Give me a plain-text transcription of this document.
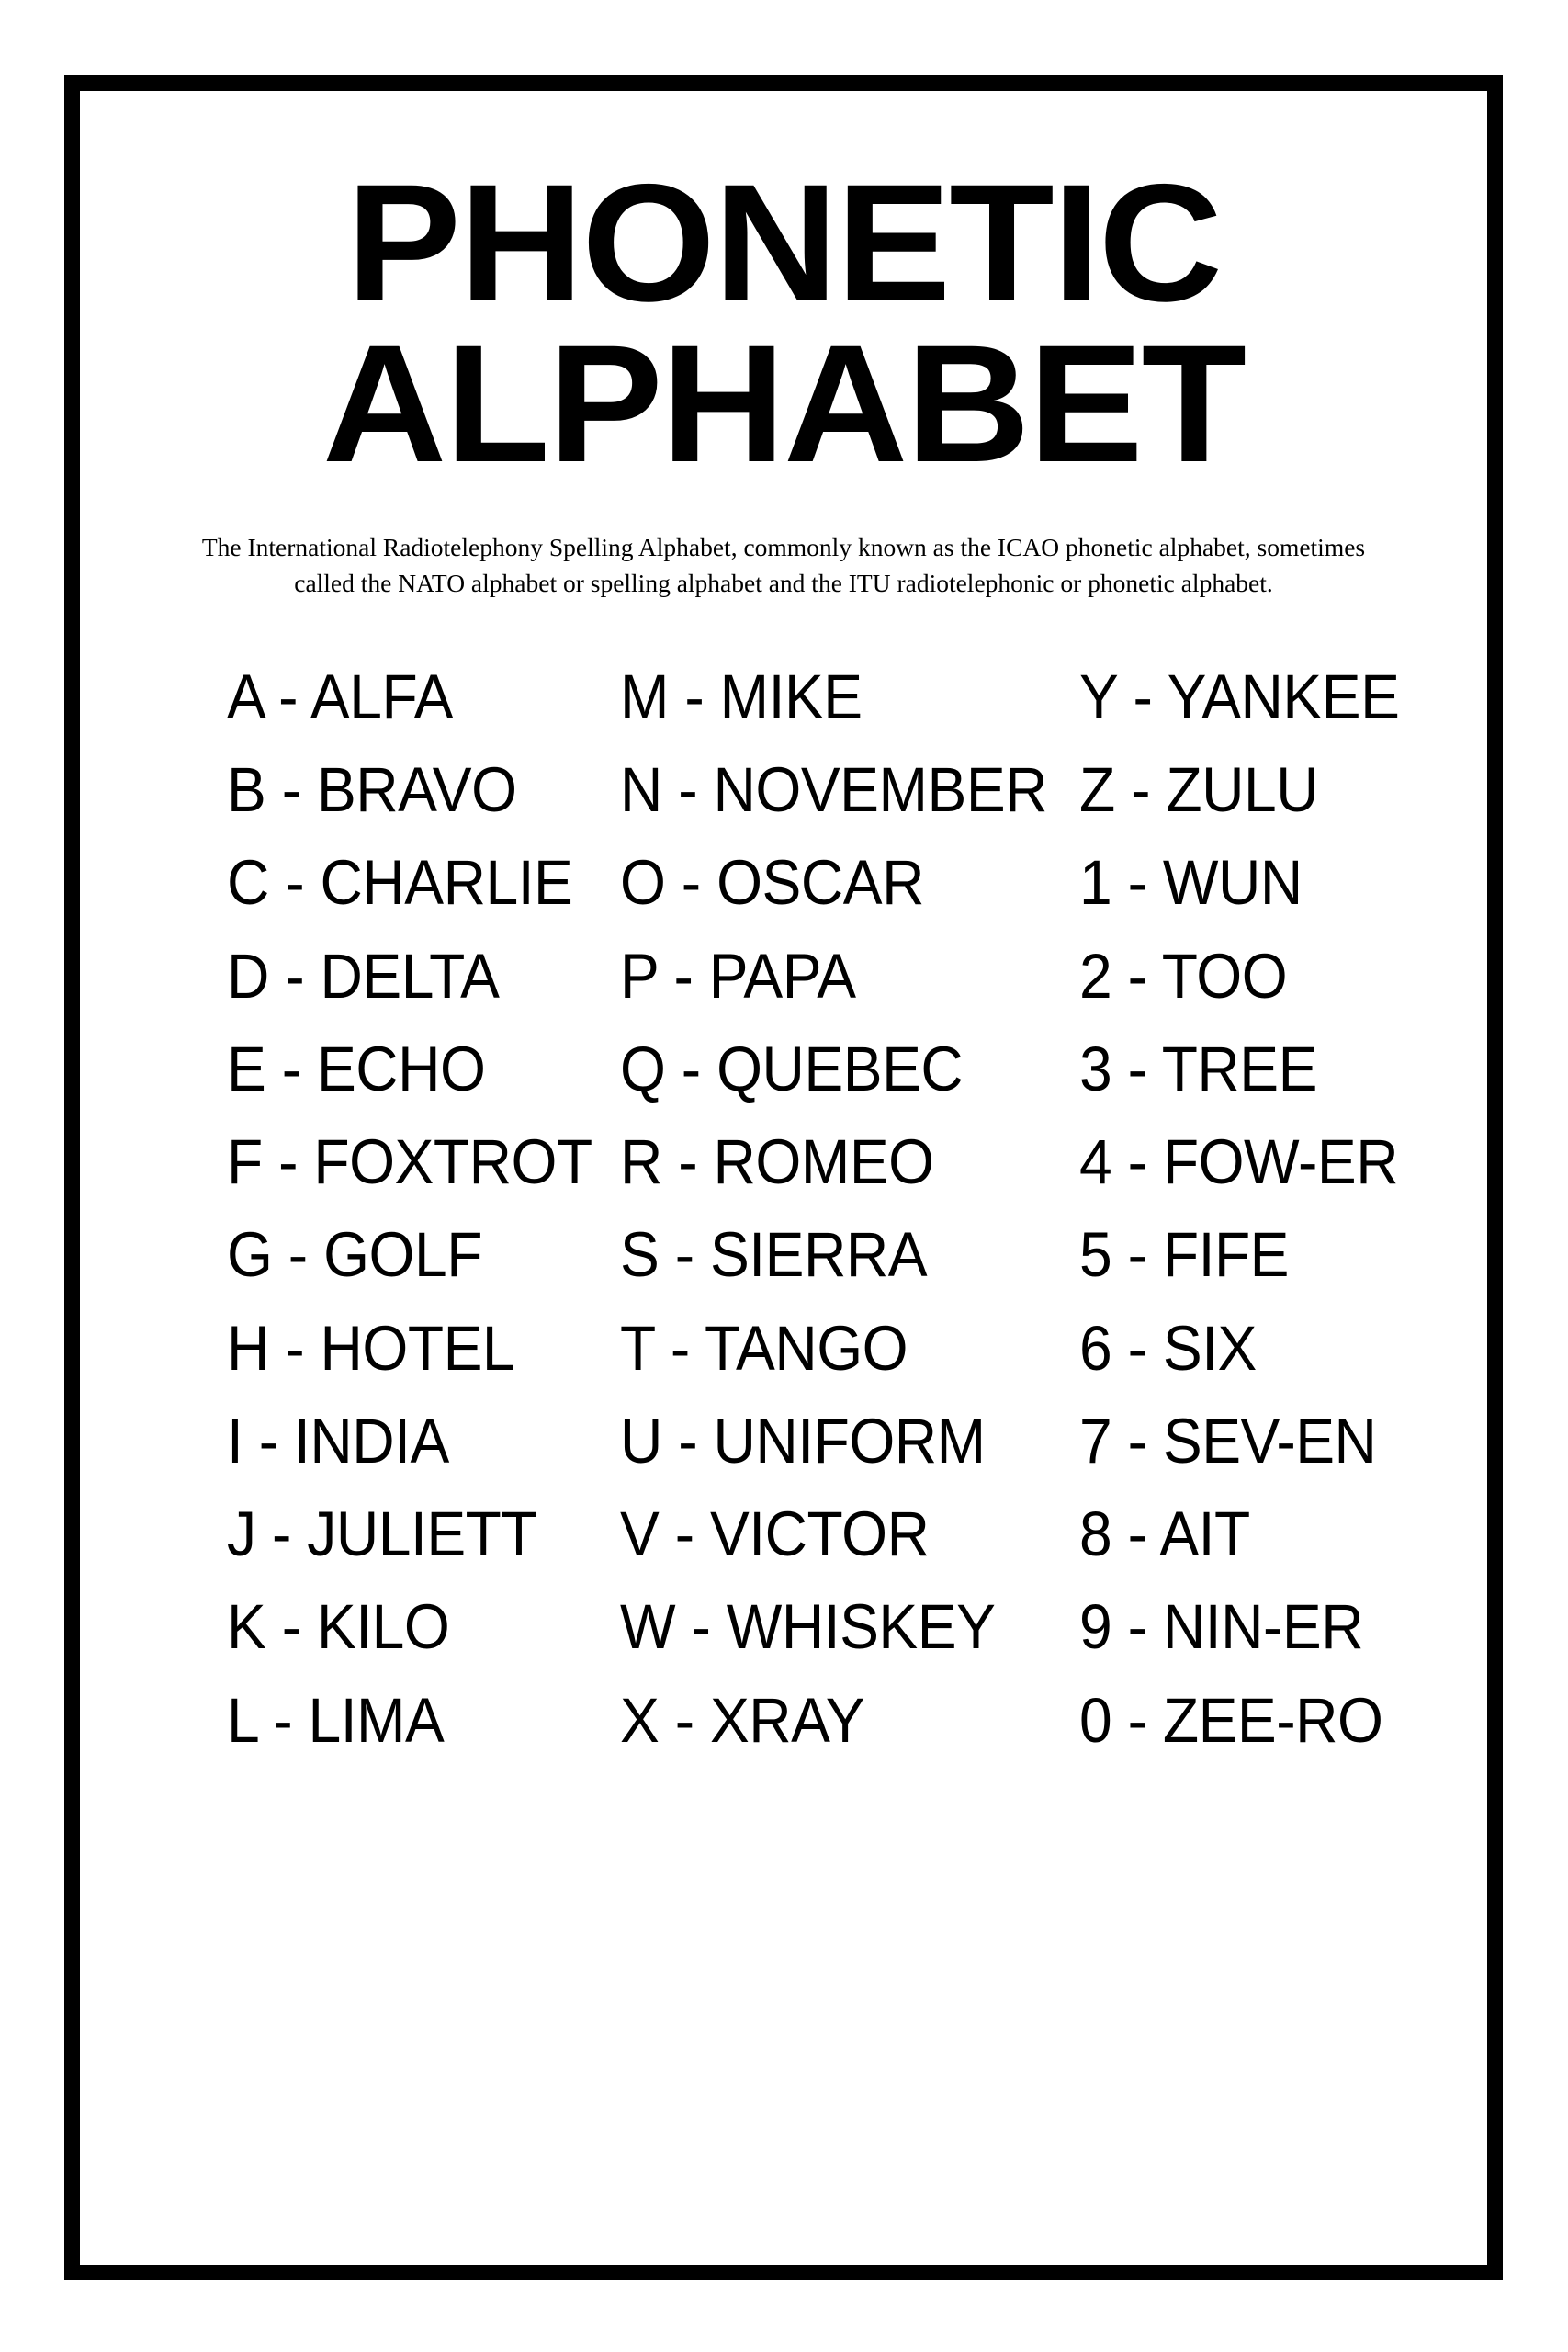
PHONETIC
ALPHABET
The International Radiotelephony Spelling Alphabet, commonly known as the ICAO phonetic alphabet, sometimes called the NATO alphabet or spelling alphabet and the ITU radiotelephonic or phonetic alphabet.
A - ALFA
B - BRAVO
C - CHARLIE
D - DELTA
E - ECHO
F - FOXTROT
G - GOLF
H - HOTEL
I - INDIA
J - JULIETT
K - KILO
L - LIMA
M - MIKE
N - NOVEMBER
O - OSCAR
P - PAPA
Q - QUEBEC
R - ROMEO
S - SIERRA
T - TANGO
U - UNIFORM
V - VICTOR
W - WHISKEY
X - XRAY
Y - YANKEE
Z - ZULU
1 - WUN
2 - TOO
3 - TREE
4 - FOW-ER
5 - FIFE
6 - SIX
7 - SEV-EN
8 - AIT
9 - NIN-ER
0 - ZEE-RO
